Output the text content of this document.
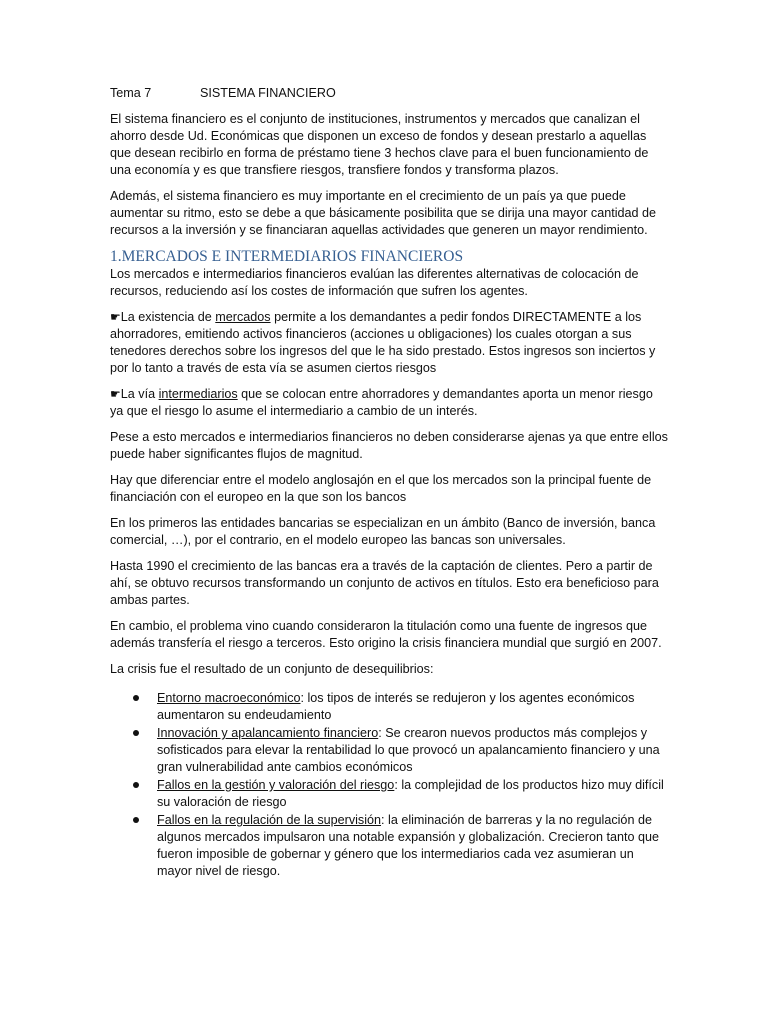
Tema 7	SISTEMA FINANCIERO

El sistema financiero es el conjunto de instituciones, instrumentos y mercados que canalizan el ahorro desde Ud. Económicas que disponen un exceso de fondos y desean prestarlo a aquellas que desean recibirlo en forma de préstamo tiene 3 hechos clave para el buen funcionamiento de una economía y es que transfiere riesgos, transfiere fondos y transforma plazos.

Además, el sistema financiero es muy importante en el crecimiento de un país ya que puede aumentar su ritmo, esto se debe a que básicamente posibilita que se dirija una mayor cantidad de recursos a la inversión y se financiaran aquellas actividades que generen un mayor rendimiento.

1.MERCADOS E INTERMEDIARIOS FINANCIEROS

Los mercados e intermediarios financieros evalúan las diferentes alternativas de colocación de recursos, reduciendo así los costes de información que sufren los agentes.

☚La existencia de mercados permite a los demandantes a pedir fondos DIRECTAMENTE a los ahorradores, emitiendo activos financieros (acciones u obligaciones) los cuales otorgan a sus tenedores derechos sobre los ingresos del que le ha sido prestado. Estos ingresos son inciertos y por lo tanto a través de esta vía se asumen ciertos riesgos

☚La vía intermediarios que se colocan entre ahorradores y demandantes aporta un menor riesgo ya que el riesgo lo asume el intermediario a cambio de un interés.

Pese a esto mercados e intermediarios financieros no deben considerarse ajenas ya que entre ellos puede haber significantes flujos de magnitud.

Hay que diferenciar entre el modelo anglosajón en el que los mercados son la principal fuente de financiación con el europeo en la que son los bancos

En los primeros las entidades bancarias se especializan en un ámbito (Banco de inversión, banca comercial, …), por el contrario, en el modelo europeo las bancas son universales.

Hasta 1990 el crecimiento de las bancas era a través de la captación de clientes. Pero a partir de ahí, se obtuvo recursos transformando un conjunto de activos en títulos. Esto era beneficioso para ambas partes.

En cambio, el problema vino cuando consideraron la titulación como una fuente de ingresos que además transfería el riesgo a terceros. Esto origino la crisis financiera mundial que surgió en 2007.

La crisis fue el resultado de un conjunto de desequilibrios:

Entorno macroeconómico: los tipos de interés se redujeron y los agentes económicos aumentaron su endeudamiento
Innovación y apalancamiento financiero: Se crearon nuevos productos más complejos y sofisticados para elevar la rentabilidad lo que provocó un apalancamiento financiero y una gran vulnerabilidad ante cambios económicos
Fallos en la gestión y valoración del riesgo: la complejidad de los productos hizo muy difícil su valoración de riesgo
Fallos en la regulación de la supervisión: la eliminación de barreras y la no regulación de algunos mercados impulsaron una notable expansión y globalización. Crecieron tanto que fueron imposible de gobernar y género que los intermediarios cada vez asumieran un mayor nivel de riesgo.
